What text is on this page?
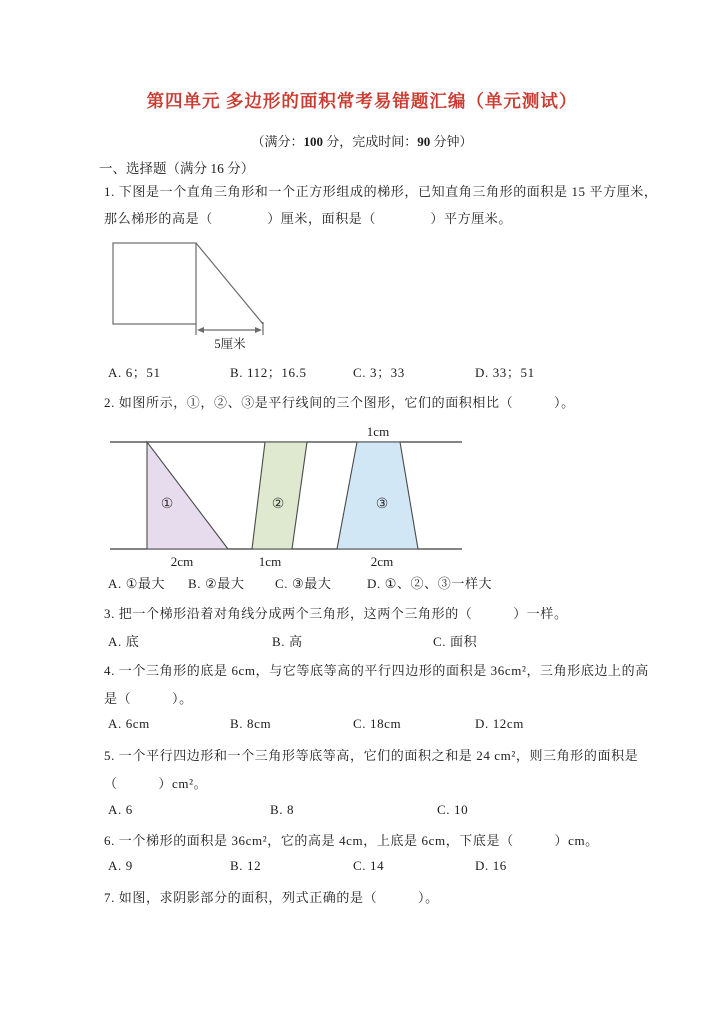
第四单元 多边形的面积常考易错题汇编（单元测试）
（满分：100 分，完成时间：90 分钟）
一、选择题（满分 16 分）
1. 下图是一个直角三角形和一个正方形组成的梯形，已知直角三角形的面积是 15 平方厘米，
那么梯形的高是（　　　　）厘米，面积是（　　　　）平方厘米。
5厘米
A. 6；51	B. 112；16.5	C. 3；33	D. 33；51
2. 如图所示，①，②、③是平行线间的三个图形，它们的面积相比（　　　）。
1cm
①	②	③
2cm	1cm	2cm
A. ①最大 B. ②最大 C. ③最大	D. ①、②、③一样大
3. 把一个梯形沿着对角线分成两个三角形，这两个三角形的（　　　）一样。
A. 底	B. 高	C. 面积
4. 一个三角形的底是 6cm，与它等底等高的平行四边形的面积是 36cm²，三角形底边上的高
是（　　　）。
A. 6cm	B. 8cm	C. 18cm	D. 12cm
5. 一个平行四边形和一个三角形等底等高，它们的面积之和是 24 cm²，则三角形的面积是
（　　　）cm²。
A. 6	B. 8	C. 10
6. 一个梯形的面积是 36cm²，它的高是 4cm，上底是 6cm，下底是（　　　）cm。
A. 9	B. 12	C. 14	D. 16
7. 如图，求阴影部分的面积，列式正确的是（　　　）。
